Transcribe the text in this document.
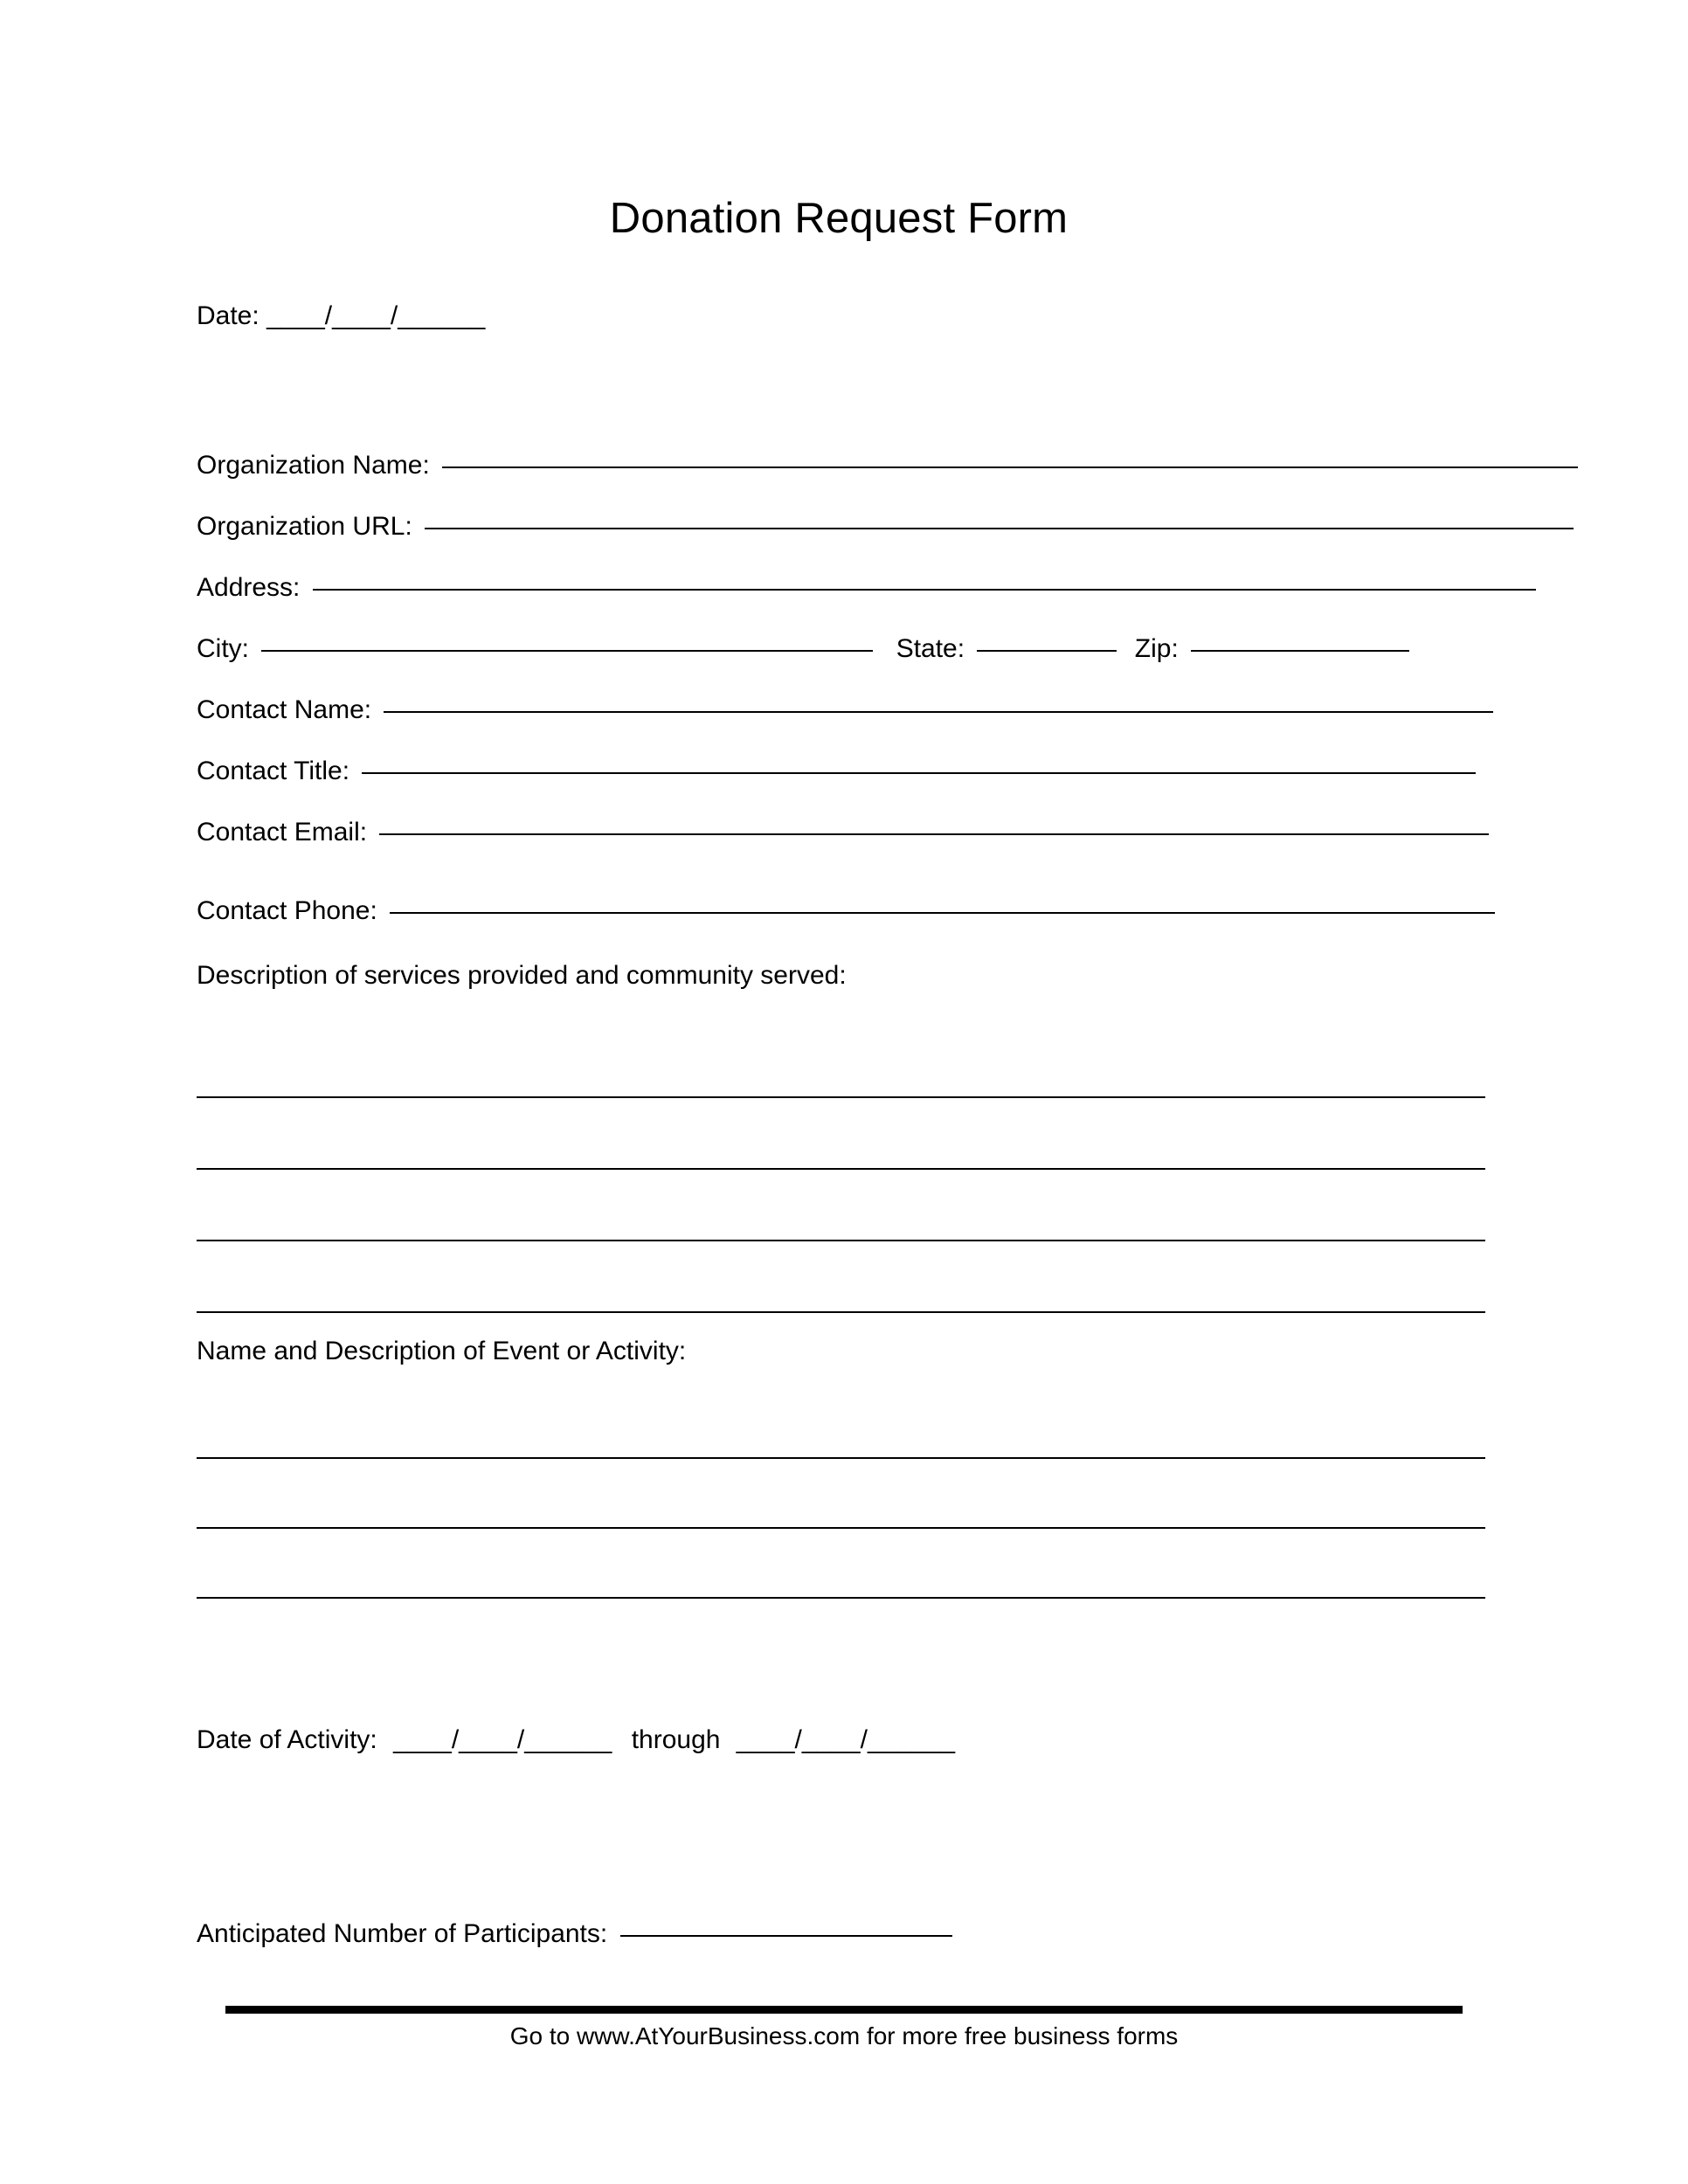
Donation Request Form
Date: ____/____/______
Organization Name:
Organization URL:
Address:
City:	State:	Zip:
Contact Name:
Contact Title:
Contact Email:
Contact Phone:
Description of services provided and community served:
Name and Description of Event or Activity:
Date of Activity: ____/____/______ through ____/____/______
Anticipated Number of Participants:
Go to www.AtYourBusiness.com for more free business forms
